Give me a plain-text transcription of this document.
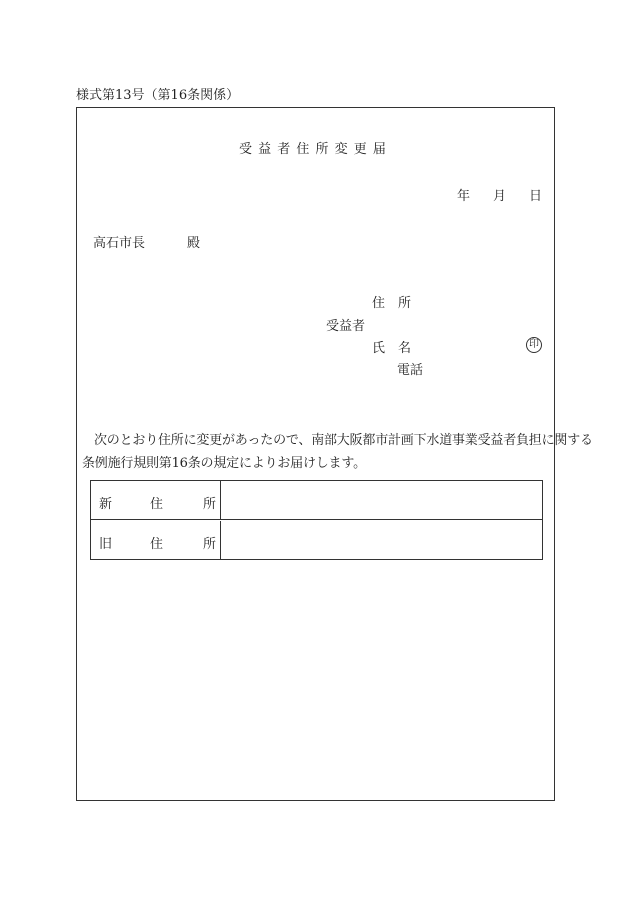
様式第13号（第16条関係）
受 益 者 住 所 変 更 届
年 月 日
高石市長	殿
住　所
受益者
氏　名	印
電話
次のとおり住所に変更があったので、南部大阪都市計画下水道事業受益者負担に関する
条例施行規則第16条の規定によりお届けします。
新	住	所
旧	住	所
